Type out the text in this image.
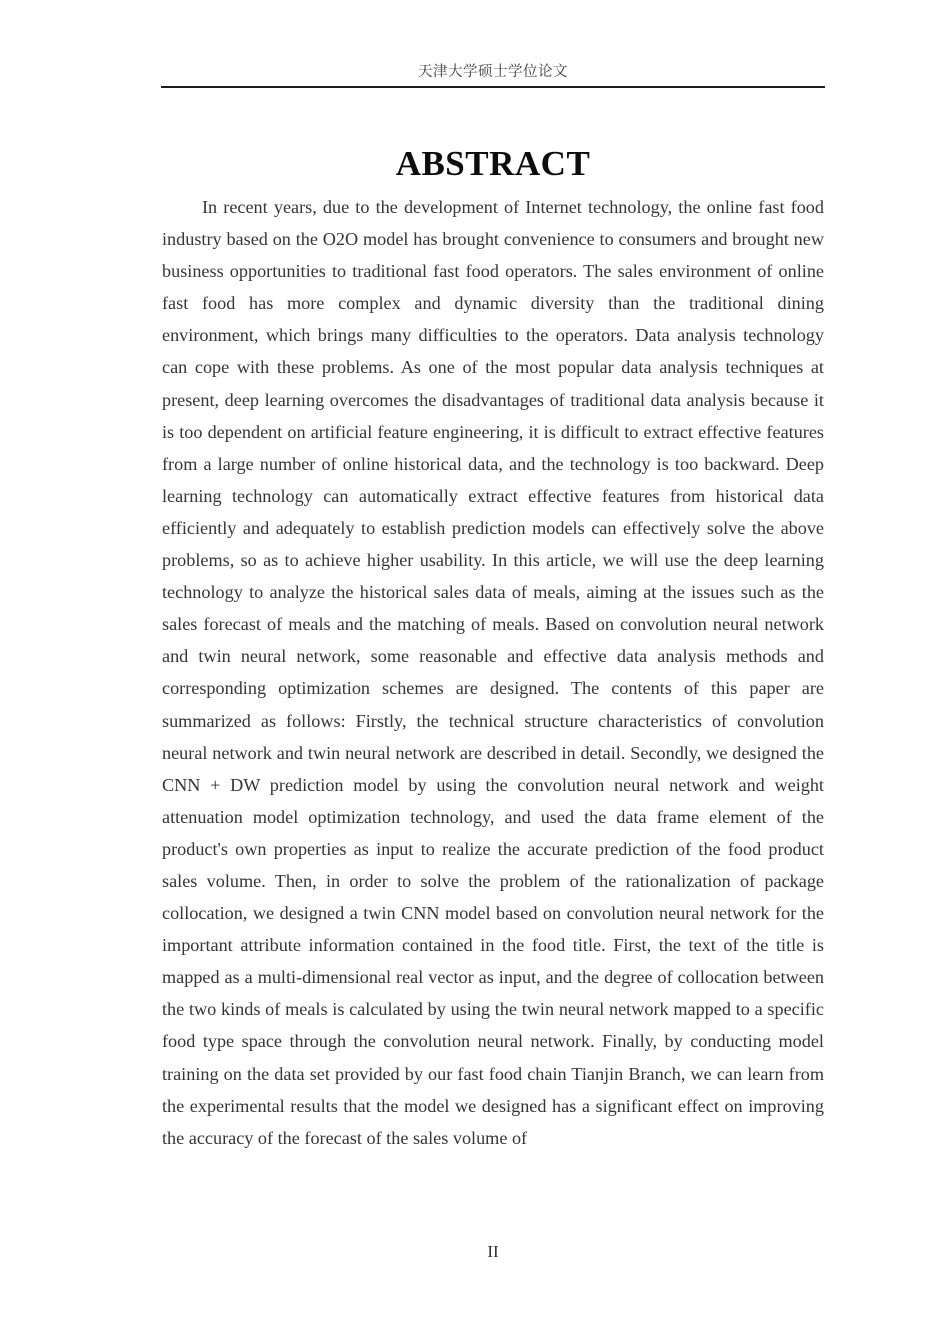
天津大学硕士学位论文
ABSTRACT

In recent years, due to the development of Internet technology, the online fast food industry based on the O2O model has brought convenience to consumers and brought new business opportunities to traditional fast food operators. The sales environment of online fast food has more complex and dynamic diversity than the traditional dining environment, which brings many difficulties to the operators. Data analysis technology can cope with these problems. As one of the most popular data analysis techniques at present, deep learning overcomes the disadvantages of traditional data analysis because it is too dependent on artificial feature engineering, it is difficult to extract effective features from a large number of online historical data, and the technology is too backward. Deep learning technology can automatically extract effective features from historical data efficiently and adequately to establish prediction models can effectively solve the above problems, so as to achieve higher usability. In this article, we will use the deep learning technology to analyze the historical sales data of meals, aiming at the issues such as the sales forecast of meals and the matching of meals. Based on convolution neural network and twin neural network, some reasonable and effective data analysis methods and corresponding optimization schemes are designed. The contents of this paper are summarized as follows: Firstly, the technical structure characteristics of convolution neural network and twin neural network are described in detail. Secondly, we designed the CNN + DW prediction model by using the convolution neural network and weight attenuation model optimization technology, and used the data frame element of the product's own properties as input to realize the accurate prediction of the food product sales volume. Then, in order to solve the problem of the rationalization of package collocation, we designed a twin CNN model based on convolution neural network for the important attribute information contained in the food title. First, the text of the title is mapped as a multi-dimensional real vector as input, and the degree of collocation between the two kinds of meals is calculated by using the twin neural network mapped to a specific food type space through the convolution neural network. Finally, by conducting model training on the data set provided by our fast food chain Tianjin Branch, we can learn from the experimental results that the model we designed has a significant effect on improving the accuracy of the forecast of the sales volume of

II
